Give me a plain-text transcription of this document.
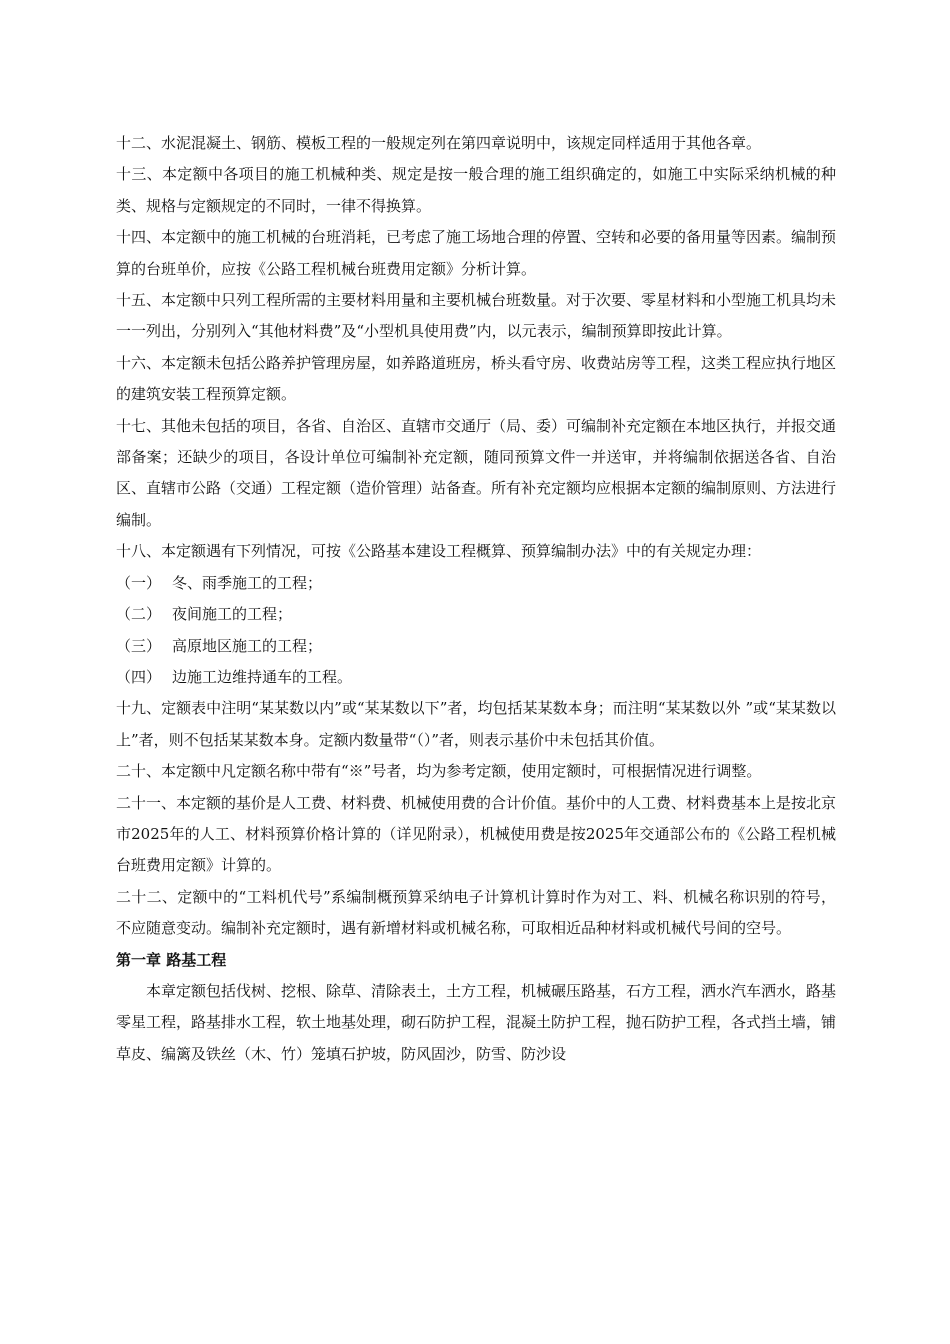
十二、水泥混凝土、钢筋、模板工程的一般规定列在第四章说明中，该规定同样适用于其他各章。

十三、本定额中各项目的施工机械种类、规定是按一般合理的施工组织确定的，如施工中实际采纳机械的种类、规格与定额规定的不同时，一律不得换算。

十四、本定额中的施工机械的台班消耗，已考虑了施工场地合理的停置、空转和必要的备用量等因素。编制预算的台班单价，应按《公路工程机械台班费用定额》分析计算。

十五、本定额中只列工程所需的主要材料用量和主要机械台班数量。对于次要、零星材料和小型施工机具均未一一列出，分别列入“其他材料费”及“小型机具使用费”内，以元表示，编制预算即按此计算。

十六、本定额未包括公路养护管理房屋，如养路道班房，桥头看守房、收费站房等工程，这类工程应执行地区的建筑安装工程预算定额。

十七、其他未包括的项目，各省、自治区、直辖市交通厅（局、委）可编制补充定额在本地区执行，并报交通部备案；还缺少的项目，各设计单位可编制补充定额，随同预算文件一并送审，并将编制依据送各省、自治区、直辖市公路（交通）工程定额（造价管理）站备查。所有补充定额均应根据本定额的编制原则、方法进行编制。

十八、本定额遇有下列情况，可按《公路基本建设工程概算、预算编制办法》中的有关规定办理：

（一） 冬、雨季施工的工程；
（二） 夜间施工的工程；
（三） 高原地区施工的工程；
（四） 边施工边维持通车的工程。

十九、定额表中注明“某某数以内”或“某某数以下”者，均包括某某数本身；而注明“某某数以外 ”或“某某数以上”者，则不包括某某数本身。定额内数量带“（）”者，则表示基价中未包括其价值。

二十、本定额中凡定额名称中带有“※”号者，均为参考定额，使用定额时，可根据情况进行调整。

二十一、本定额的基价是人工费、材料费、机械使用费的合计价值。基价中的人工费、材料费基本上是按北京市2025年的人工、材料预算价格计算的（详见附录），机械使用费是按2025年交通部公布的《公路工程机械台班费用定额》计算的。

二十二、定额中的“工料机代号”系编制概预算采纳电子计算机计算时作为对工、料、机械名称识别的符号，不应随意变动。编制补充定额时，遇有新增材料或机械名称，可取相近品种材料或机械代号间的空号。

第一章 路基工程

本章定额包括伐树、挖根、除草、清除表土，土方工程，机械碾压路基，石方工程，洒水汽车洒水，路基零星工程，路基排水工程，软土地基处理，砌石防护工程，混凝土防护工程，抛石防护工程，各式挡土墙，铺草皮、编篱及铁丝（木、竹）笼填石护坡，防风固沙，防雪、防沙设
